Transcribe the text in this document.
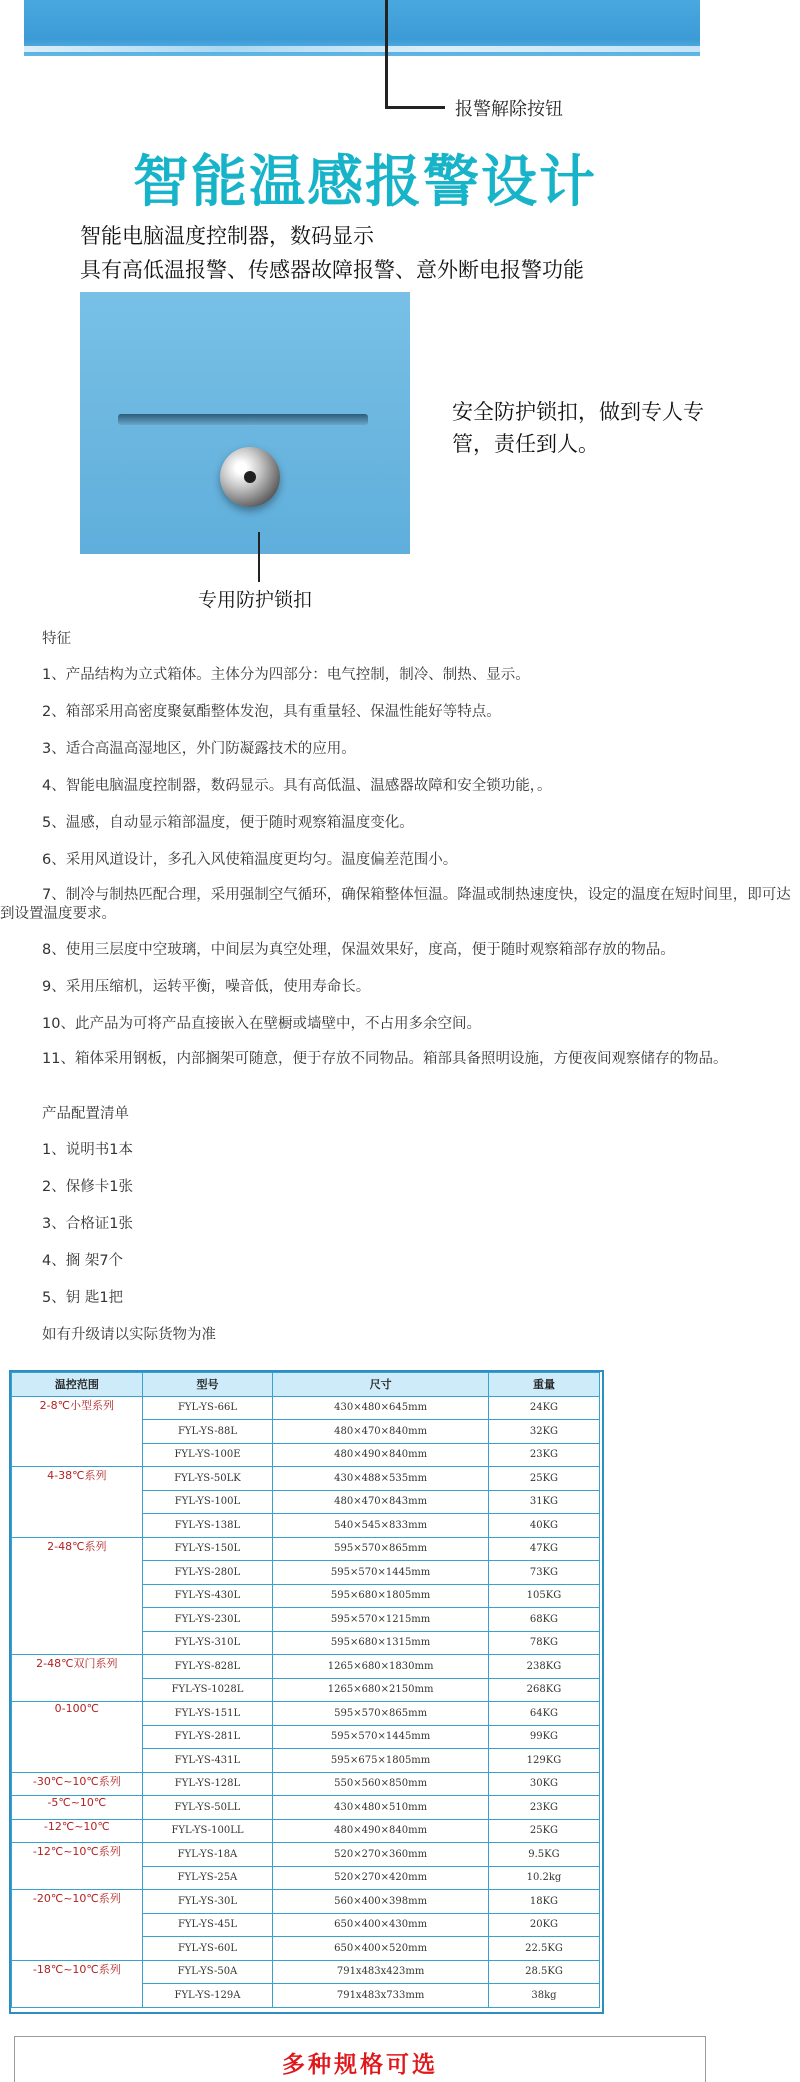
报警解除按钮
智能温感报警设计
智能电脑温度控制器，数码显示
具有高低温报警、传感器故障报警、意外断电报警功能
专用防护锁扣
安全防护锁扣，做到专人专管，责任到人。

特征

1、产品结构为立式箱体。主体分为四部分：电气控制，制冷、制热、显示。

2、箱部采用高密度聚氨酯整体发泡，具有重量轻、保温性能好等特点。

3、适合高温高湿地区，外门防凝露技术的应用。

4、智能电脑温度控制器，数码显示。具有高低温、温感器故障和安全锁功能，。

5、温感，自动显示箱部温度，便于随时观察箱温度变化。

6、采用风道设计，多孔入风使箱温度更均匀。温度偏差范围小。

7、制冷与制热匹配合理，采用强制空气循环，确保箱整体恒温。降温或制热速度快，设定的温度在短时间里，即可达到设置温度要求。

8、使用三层度中空玻璃，中间层为真空处理，保温效果好，度高，便于随时观察箱部存放的物品。

9、采用压缩机，运转平衡，噪音低，使用寿命长。

10、此产品为可将产品直接嵌入在壁橱或墙壁中，不占用多余空间。

11、箱体采用钢板，内部搁架可随意，便于存放不同物品。箱部具备照明设施，方便夜间观察储存的物品。

产品配置清单

1、说明书1本

2、保修卡1张

3、合格证1张

4、搁 架7个

5、钥 匙1把

如有升级请以实际货物为准

温控范围	型号	尺寸	重量
2-8℃小型系列	FYL-YS-66L	430×480×645mm	24KG
	FYL-YS-88L	480×470×840mm	32KG
	FYL-YS-100E	480×490×840mm	23KG
4-38℃系列	FYL-YS-50LK	430×488×535mm	25KG
	FYL-YS-100L	480×470×843mm	31KG
	FYL-YS-138L	540×545×833mm	40KG
2-48℃系列	FYL-YS-150L	595×570×865mm	47KG
	FYL-YS-280L	595×570×1445mm	73KG
	FYL-YS-430L	595×680×1805mm	105KG
	FYL-YS-230L	595×570×1215mm	68KG
	FYL-YS-310L	595×680×1315mm	78KG
2-48℃双门系列	FYL-YS-828L	1265×680×1830mm	238KG
	FYL-YS-1028L	1265×680×2150mm	268KG
0-100℃	FYL-YS-151L	595×570×865mm	64KG
	FYL-YS-281L	595×570×1445mm	99KG
	FYL-YS-431L	595×675×1805mm	129KG
-30℃~10℃系列	FYL-YS-128L	550×560×850mm	30KG
-5℃~10℃	FYL-YS-50LL	430×480×510mm	23KG
-12℃~10℃	FYL-YS-100LL	480×490×840mm	25KG
-12℃~10℃系列	FYL-YS-18A	520×270×360mm	9.5KG
	FYL-YS-25A	520×270×420mm	10.2kg
-20℃~10℃系列	FYL-YS-30L	560×400×398mm	18KG
	FYL-YS-45L	650×400×430mm	20KG
	FYL-YS-60L	650×400×520mm	22.5KG
-18℃~10℃系列	FYL-YS-50A	791x483x423mm	28.5KG
	FYL-YS-129A	791x483x733mm	38kg
多种规格可选
